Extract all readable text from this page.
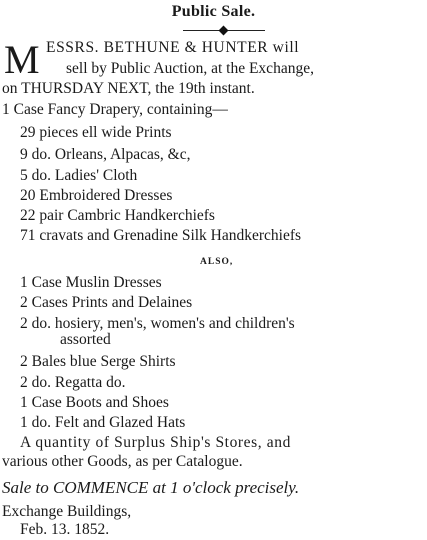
Public Sale.
M ESSRS. BETHUNE & HUNTER will
sell by Public Auction, at the Exchange,
on THURSDAY NEXT, the 19th instant.
1 Case Fancy Drapery, containing—
29 pieces ell wide Prints
9 do. Orleans, Alpacas, &c,
5 do. Ladies' Cloth
20 Embroidered Dresses
22 pair Cambric Handkerchiefs
71 cravats and Grenadine Silk Handkerchiefs
ALSO,
1 Case Muslin Dresses
2 Cases Prints and Delaines
2 do. hosiery, men's, women's and children's
assorted
2 Bales blue Serge Shirts
2 do. Regatta do.
1 Case Boots and Shoes
1 do. Felt and Glazed Hats
A quantity of Surplus Ship's Stores, and
various other Goods, as per Catalogue.
Sale to COMMENCE at 1 o'clock precisely.
Exchange Buildings,
Feb. 13. 1852.
